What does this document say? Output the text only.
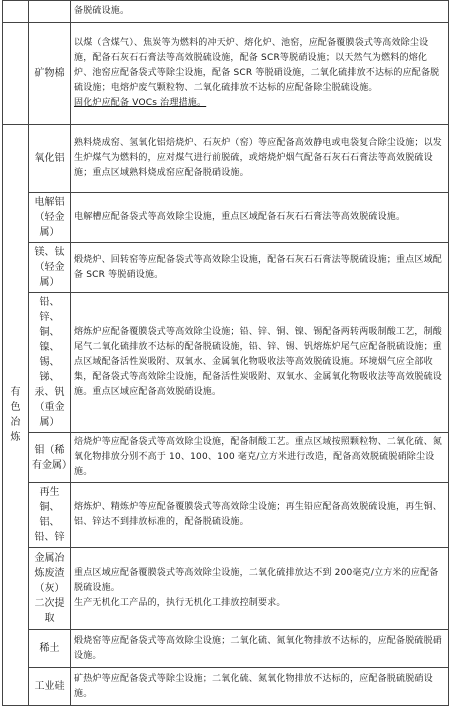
		备脱硫设施。
	矿物棉	以煤（含煤气）、焦炭等为燃料的冲天炉、熔化炉、池窑，应配备覆膜袋式等高效除尘设施，配备石灰石石膏法等高效脱硫设施，配备 SCR等脱硝设施；以天然气为燃料的熔化炉、池窑应配备袋式等除尘设施，配备 SCR 等脱硝设施，二氧化硫排放不达标的应配备脱硫设施；电熔炉废气颗粒物、二氧化硫排放不达标的应配备除尘脱硫设施。

固化炉应配备 VOCs 治理措施。

有色冶炼	氧化铝	熟料烧成窑、氢氧化铝焙烧炉、石灰炉（窑）等应配备高效静电或电袋复合除尘设施；以发生炉煤气为燃料的，应对煤气进行前脱硫，或熔烧炉烟气配备石灰石石膏法等高效脱硫设施；重点区域熟料烧成窑应配备脱硝设施。
	电解铝（轻金属）	电解槽应配备袋式等高效除尘设施，重点区域配备石灰石石膏法等高效脱硫设施。
	镁、钛（轻金属）	煅烧炉、回转窑等应配备袋式等高效除尘设施，配备石灰石石膏法等脱硫设施；重点区域配备 SCR 等脱硝设施。
	铅、锌、铜、镍、锡、锑、汞、钒（重金属）	熔炼炉应配备覆膜袋式等高效除尘设施；铅、锌、铜、镍、锡配备两转两吸制酸工艺，制酸尾气二氧化硫排放不达标的配备脱硫设施，铅、锌、锡、钒熔炼炉尾气应配备脱硫设施；重点区域配备活性炭吸附、双氧水、金属氧化物吸收法等高效脱硫设施。环境烟气应全部收集，配备袋式等高效除尘设施，配备活性炭吸附、双氧水、金属氧化物吸收法等高效脱硫设施。重点区域应配备高效脱硝设施。
	钼（稀有金属）	焙烧炉等应配备袋式等高效除尘设施，配备制酸工艺。重点区域按照颗粒物、二氧化硫、氮氧化物排放分别不高于 10、100、100 毫克/立方米进行改造，配备高效脱硫脱硝除尘设施。
	再生铜、铝、铅、锌	熔炼炉、精炼炉等应配备覆膜袋式等高效除尘设施；再生铅应配备高效脱硫设施，再生铜、铝、锌达不到排放标准的，配备脱硫设施。
	金属冶炼废渣（灰）二次提取	重点区域应配备覆膜袋式等高效除尘设施，二氧化硫排放达不到 200毫克/立方米的应配备脱硫设施。

生产无机化工产品的，执行无机化工排放控制要求。

	稀土	煅烧窑等应配备袋式等高效除尘设施；二氧化硫、氮氧化物排放不达标的，应配备脱硫脱硝设施。
	工业硅	矿热炉等应配备袋式等除尘设施；二氧化硫、氮氧化物排放不达标的，应配备脱硫脱硝设施。
